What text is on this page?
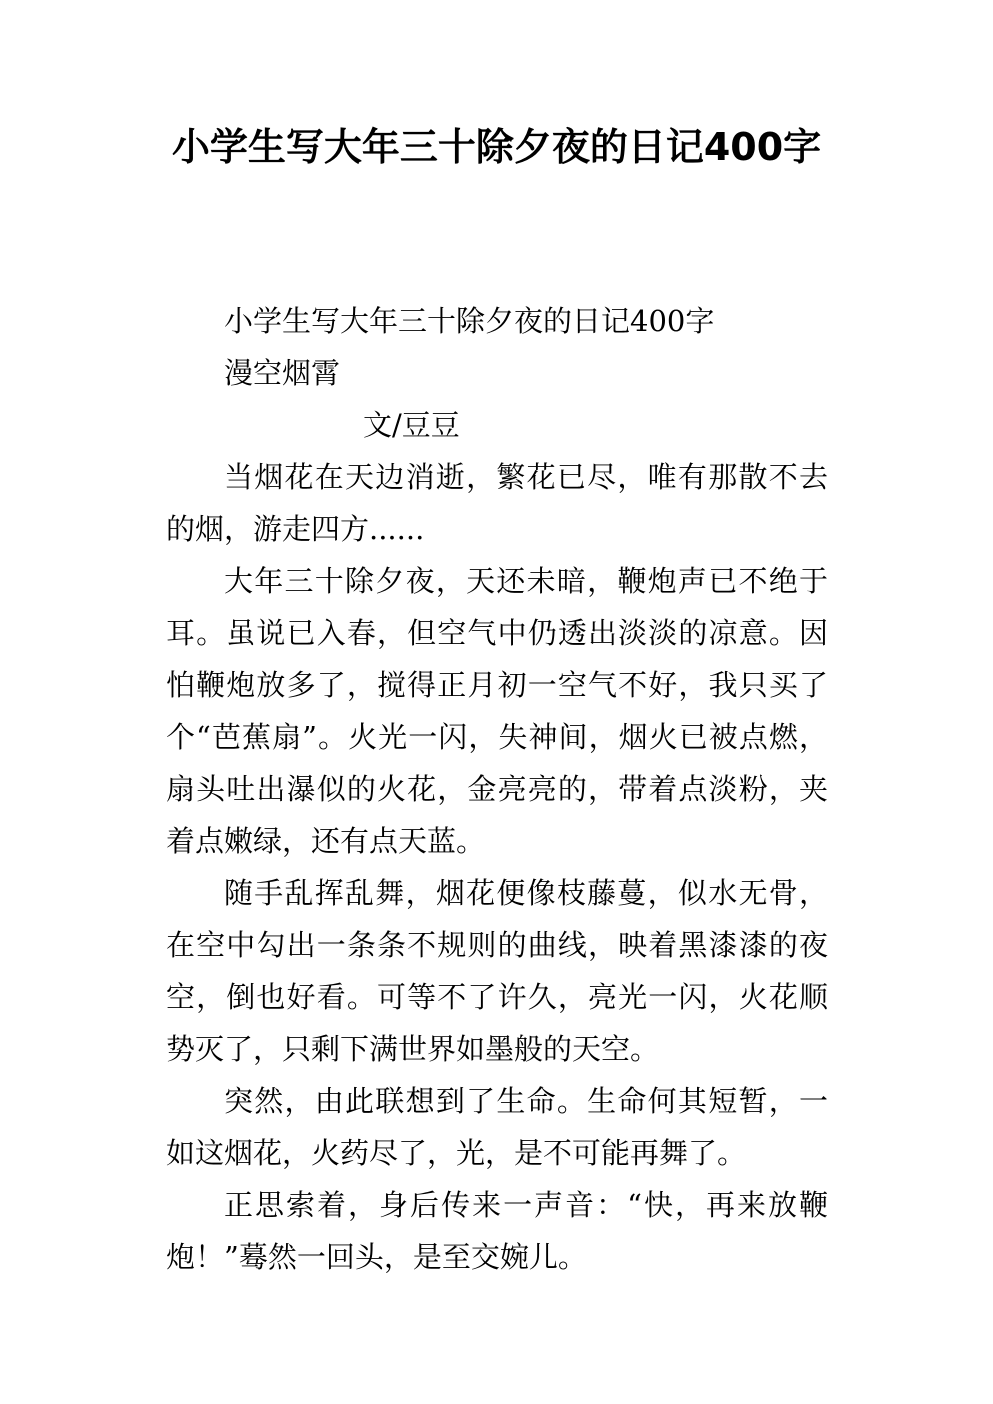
小学生写大年三十除夕夜的日记400字

小学生写大年三十除夕夜的日记400字

漫空烟霄

文/豆豆

当烟花在天边消逝，繁花已尽，唯有那散不去的烟，游走四方......

大年三十除夕夜，天还未暗，鞭炮声已不绝于耳。虽说已入春，但空气中仍透出淡淡的凉意。因怕鞭炮放多了，搅得正月初一空气不好，我只买了个“芭蕉扇”。火光一闪，失神间，烟火已被点燃，扇头吐出瀑似的火花，金亮亮的，带着点淡粉，夹着点嫩绿，还有点天蓝。

随手乱挥乱舞，烟花便像枝藤蔓，似水无骨，在空中勾出一条条不规则的曲线，映着黑漆漆的夜空，倒也好看。可等不了许久，亮光一闪，火花顺势灭了，只剩下满世界如墨般的天空。

突然，由此联想到了生命。生命何其短暂，一如这烟花，火药尽了，光，是不可能再舞了。

正思索着，身后传来一声音：“快，再来放鞭炮！”蓦然一回头，是至交婉儿。
